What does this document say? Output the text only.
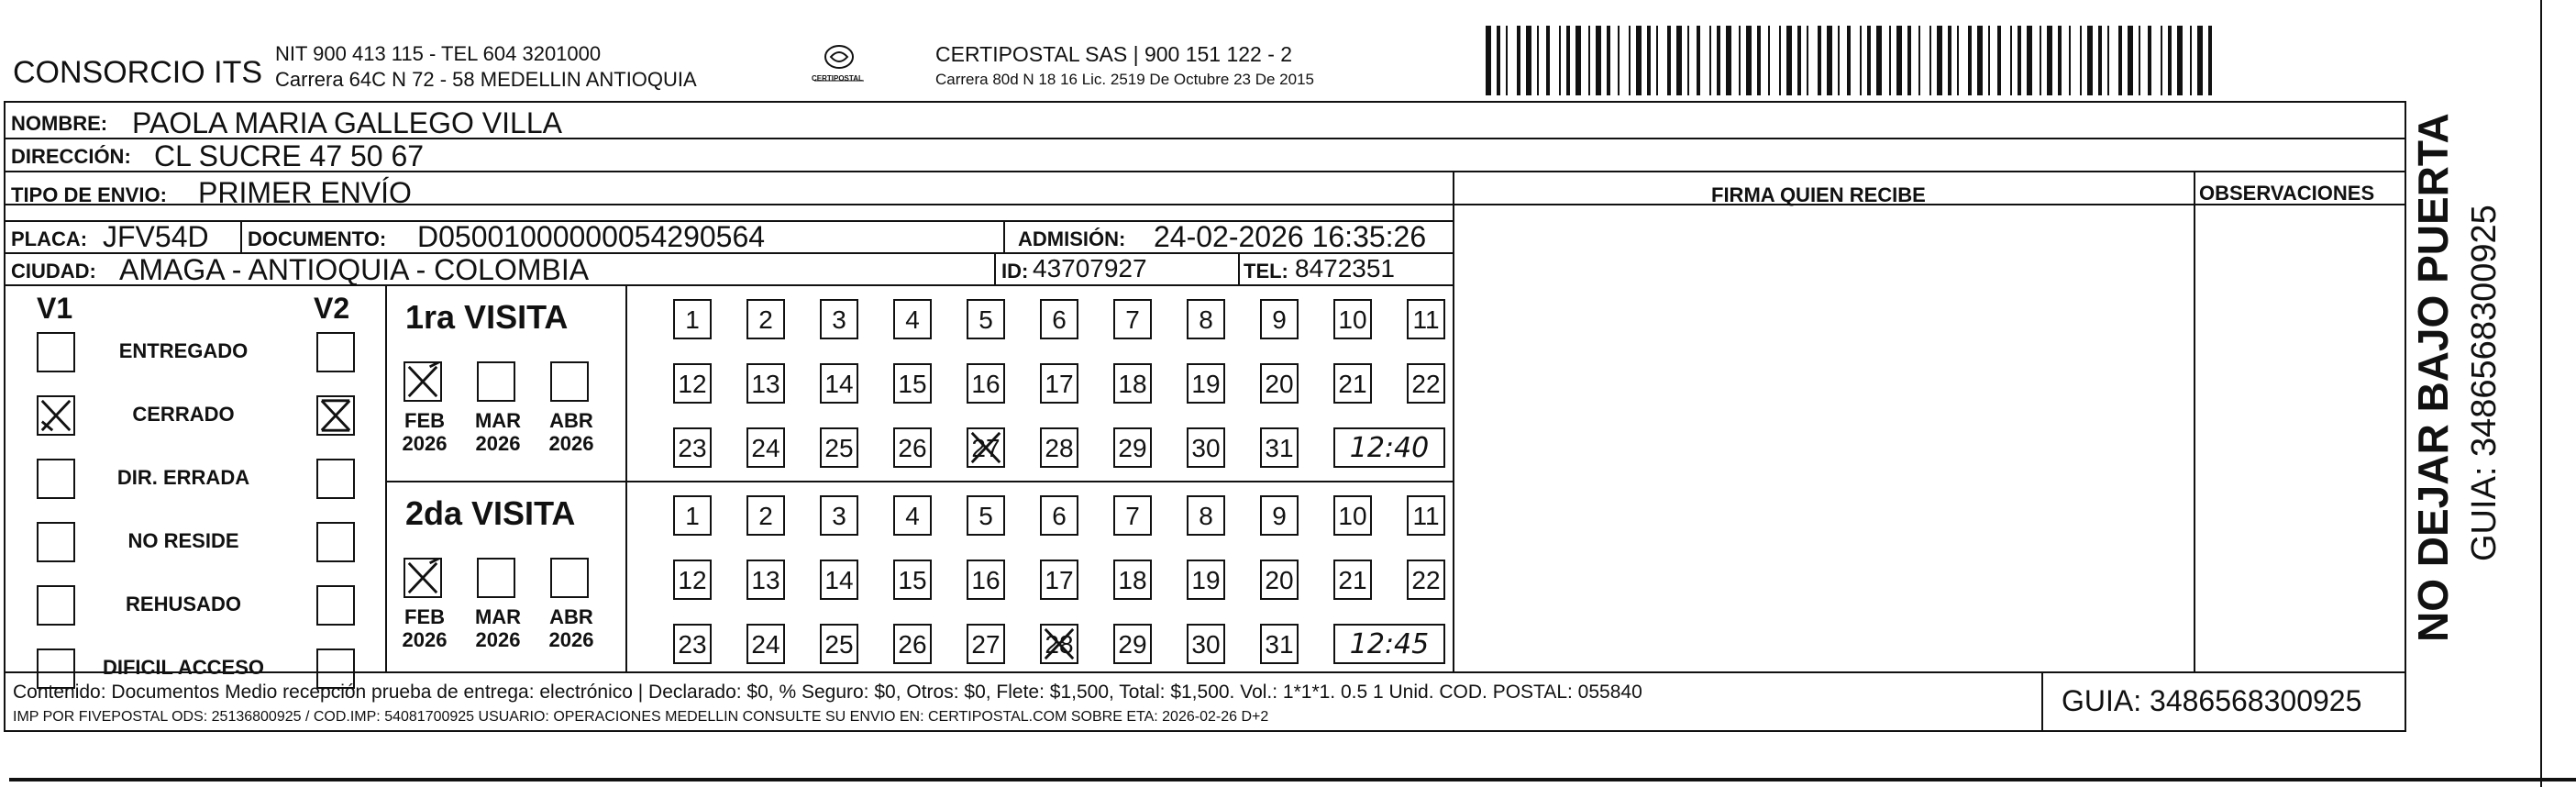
CONSORCIO ITS
NIT 900 413 115 - TEL 604 3201000
Carrera 64C N 72 - 58 MEDELLIN ANTIOQUIA	CERTIPOSTAL
CERTIPOSTAL SAS | 900 151 122 - 2
Carrera 80d N 18 16 Lic. 2519 De Octubre 23 De 2015
NOMBRE: PAOLA MARIA GALLEGO VILLA
DIRECCIÓN: CL SUCRE 47 50 67
TIPO DE ENVIO: PRIMER ENVÍO
PLACA: JFV54D DOCUMENTO: D05001000000054290564	ADMISIÓN: 24-02-2026 16:35:26
CIUDAD: AMAGA - ANTIOQUIA - COLOMBIA	ID: 43707927	TEL: 8472351
FIRMA QUIEN RECIBE	OBSERVACIONES
V1	V2
ENTREGADO
CERRADO
DIR. ERRADA
NO RESIDE
REHUSADO
DIFICIL ACCESO
1ra VISITA
FEB
2026
MAR
2026
ABR
2026
1	2	3	4	5	6	7	8	9	10 11
12 13 14 15 16 17 18 19 20 21 22
23 24 25 26 27 28 29 30 31	12:40
2da VISITA
FEB
2026
MAR
2026
ABR
2026
1	2	3	4	5	6	7	8	9	10 11
12 13 14 15 16 17 18 19 20 21 22
23 24 25 26 27 28 29 30 31	12:45
Contenido: Documentos Medio recepción prueba de entrega: electrónico | Declarado: $0, % Seguro: $0, Otros: $0, Flete: $1,500, Total: $1,500. Vol.: 1*1*1. 0.5 1 Unid. COD. POSTAL: 055840
IMP POR FIVEPOSTAL ODS: 25136800925 / COD.IMP: 54081700925 USUARIO: OPERACIONES MEDELLIN CONSULTE SU ENVIO EN: CERTIPOSTAL.COM SOBRE ETA: 2026-02-26 D+2	GUIA: 3486568300925
NO DEJAR BAJO PUERTA GUIA: 3486568300925
